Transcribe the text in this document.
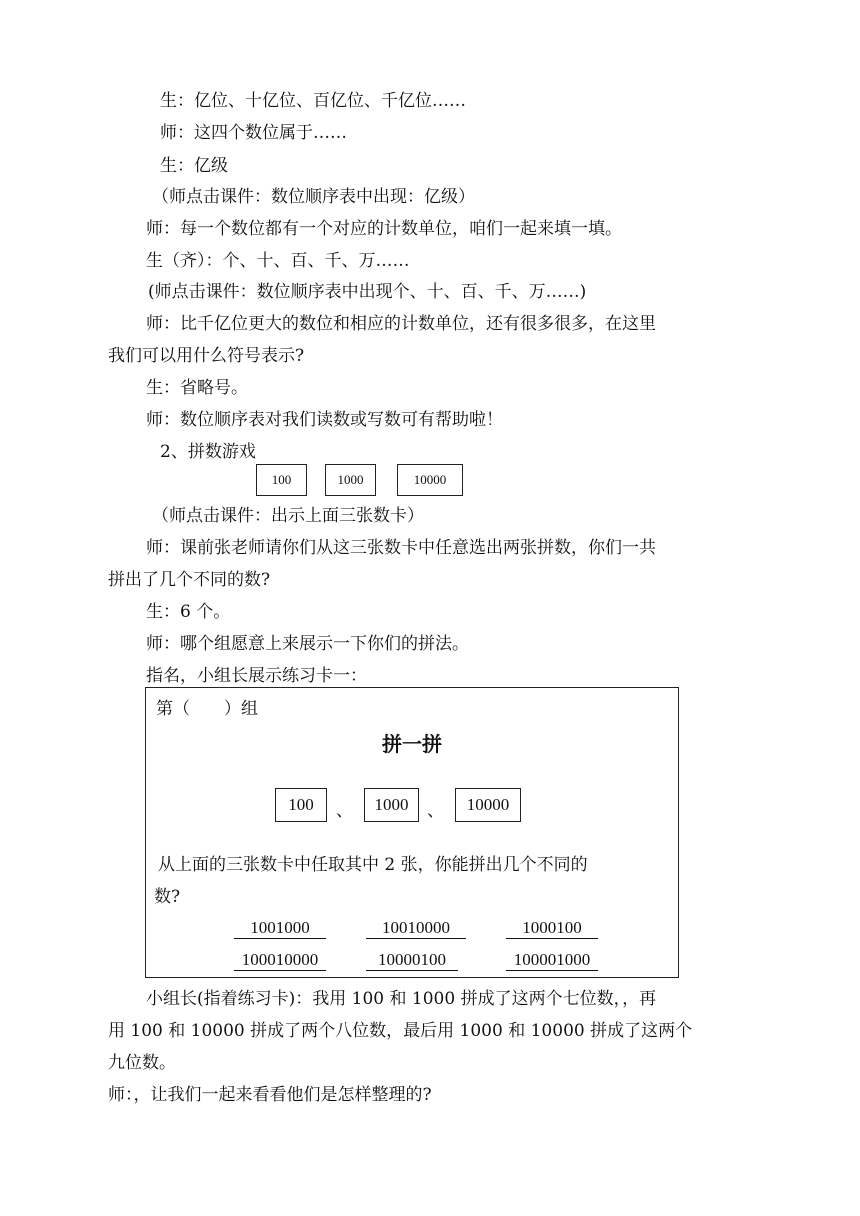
生：亿位、十亿位、百亿位、千亿位……
师：这四个数位属于……
生：亿级
（师点击课件：数位顺序表中出现：亿级）
师：每一个数位都有一个对应的计数单位，咱们一起来填一填。
生（齐）：个、十、百、千、万……
(师点击课件：数位顺序表中出现个、十、百、千、万……)
师：比千亿位更大的数位和相应的计数单位，还有很多很多，在这里
我们可以用什么符号表示?
生：省略号。
师：数位顺序表对我们读数或写数可有帮助啦！
2、拼数游戏
100	1000	10000
（师点击课件：出示上面三张数卡）
师：课前张老师请你们从这三张数卡中任意选出两张拼数，你们一共
拼出了几个不同的数?
生：6 个。
师：哪个组愿意上来展示一下你们的拼法。
指名，小组长展示练习卡一：
第（　　）组
拼一拼
100	、	1000	、	10000
从上面的三张数卡中任取其中 2 张，你能拼出几个不同的
数?
1001000	10010000	1000100
100010000	10000100	100001000
小组长(指着练习卡)：我用 100 和 1000 拼成了这两个七位数，，再
用 100 和 10000 拼成了两个八位数，最后用 1000 和 10000 拼成了这两个
九位数。
师：，让我们一起来看看他们是怎样整理的?
